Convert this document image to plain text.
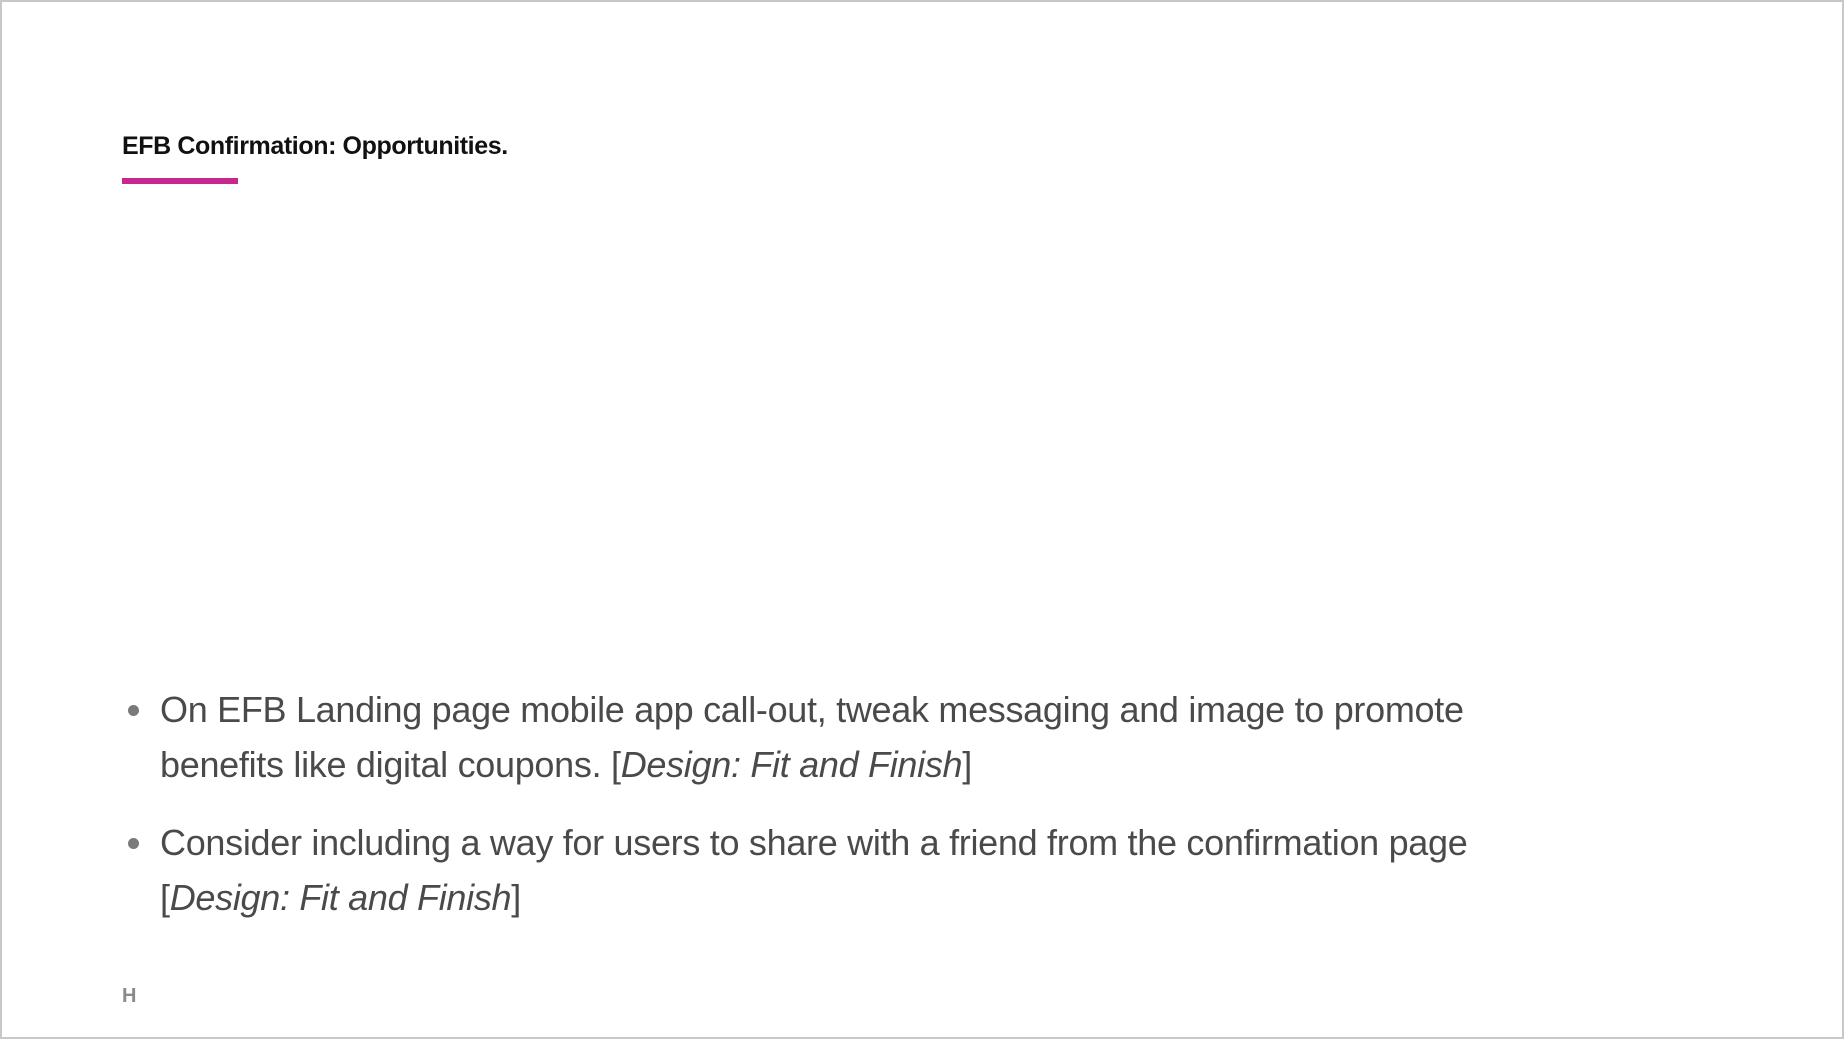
EFB Confirmation: Opportunities.
On EFB Landing page mobile app call-out, tweak messaging and image to promote benefits like digital coupons. [Design: Fit and Finish]
Consider including a way for users to share with a friend from the confirmation page [Design: Fit and Finish]
H
